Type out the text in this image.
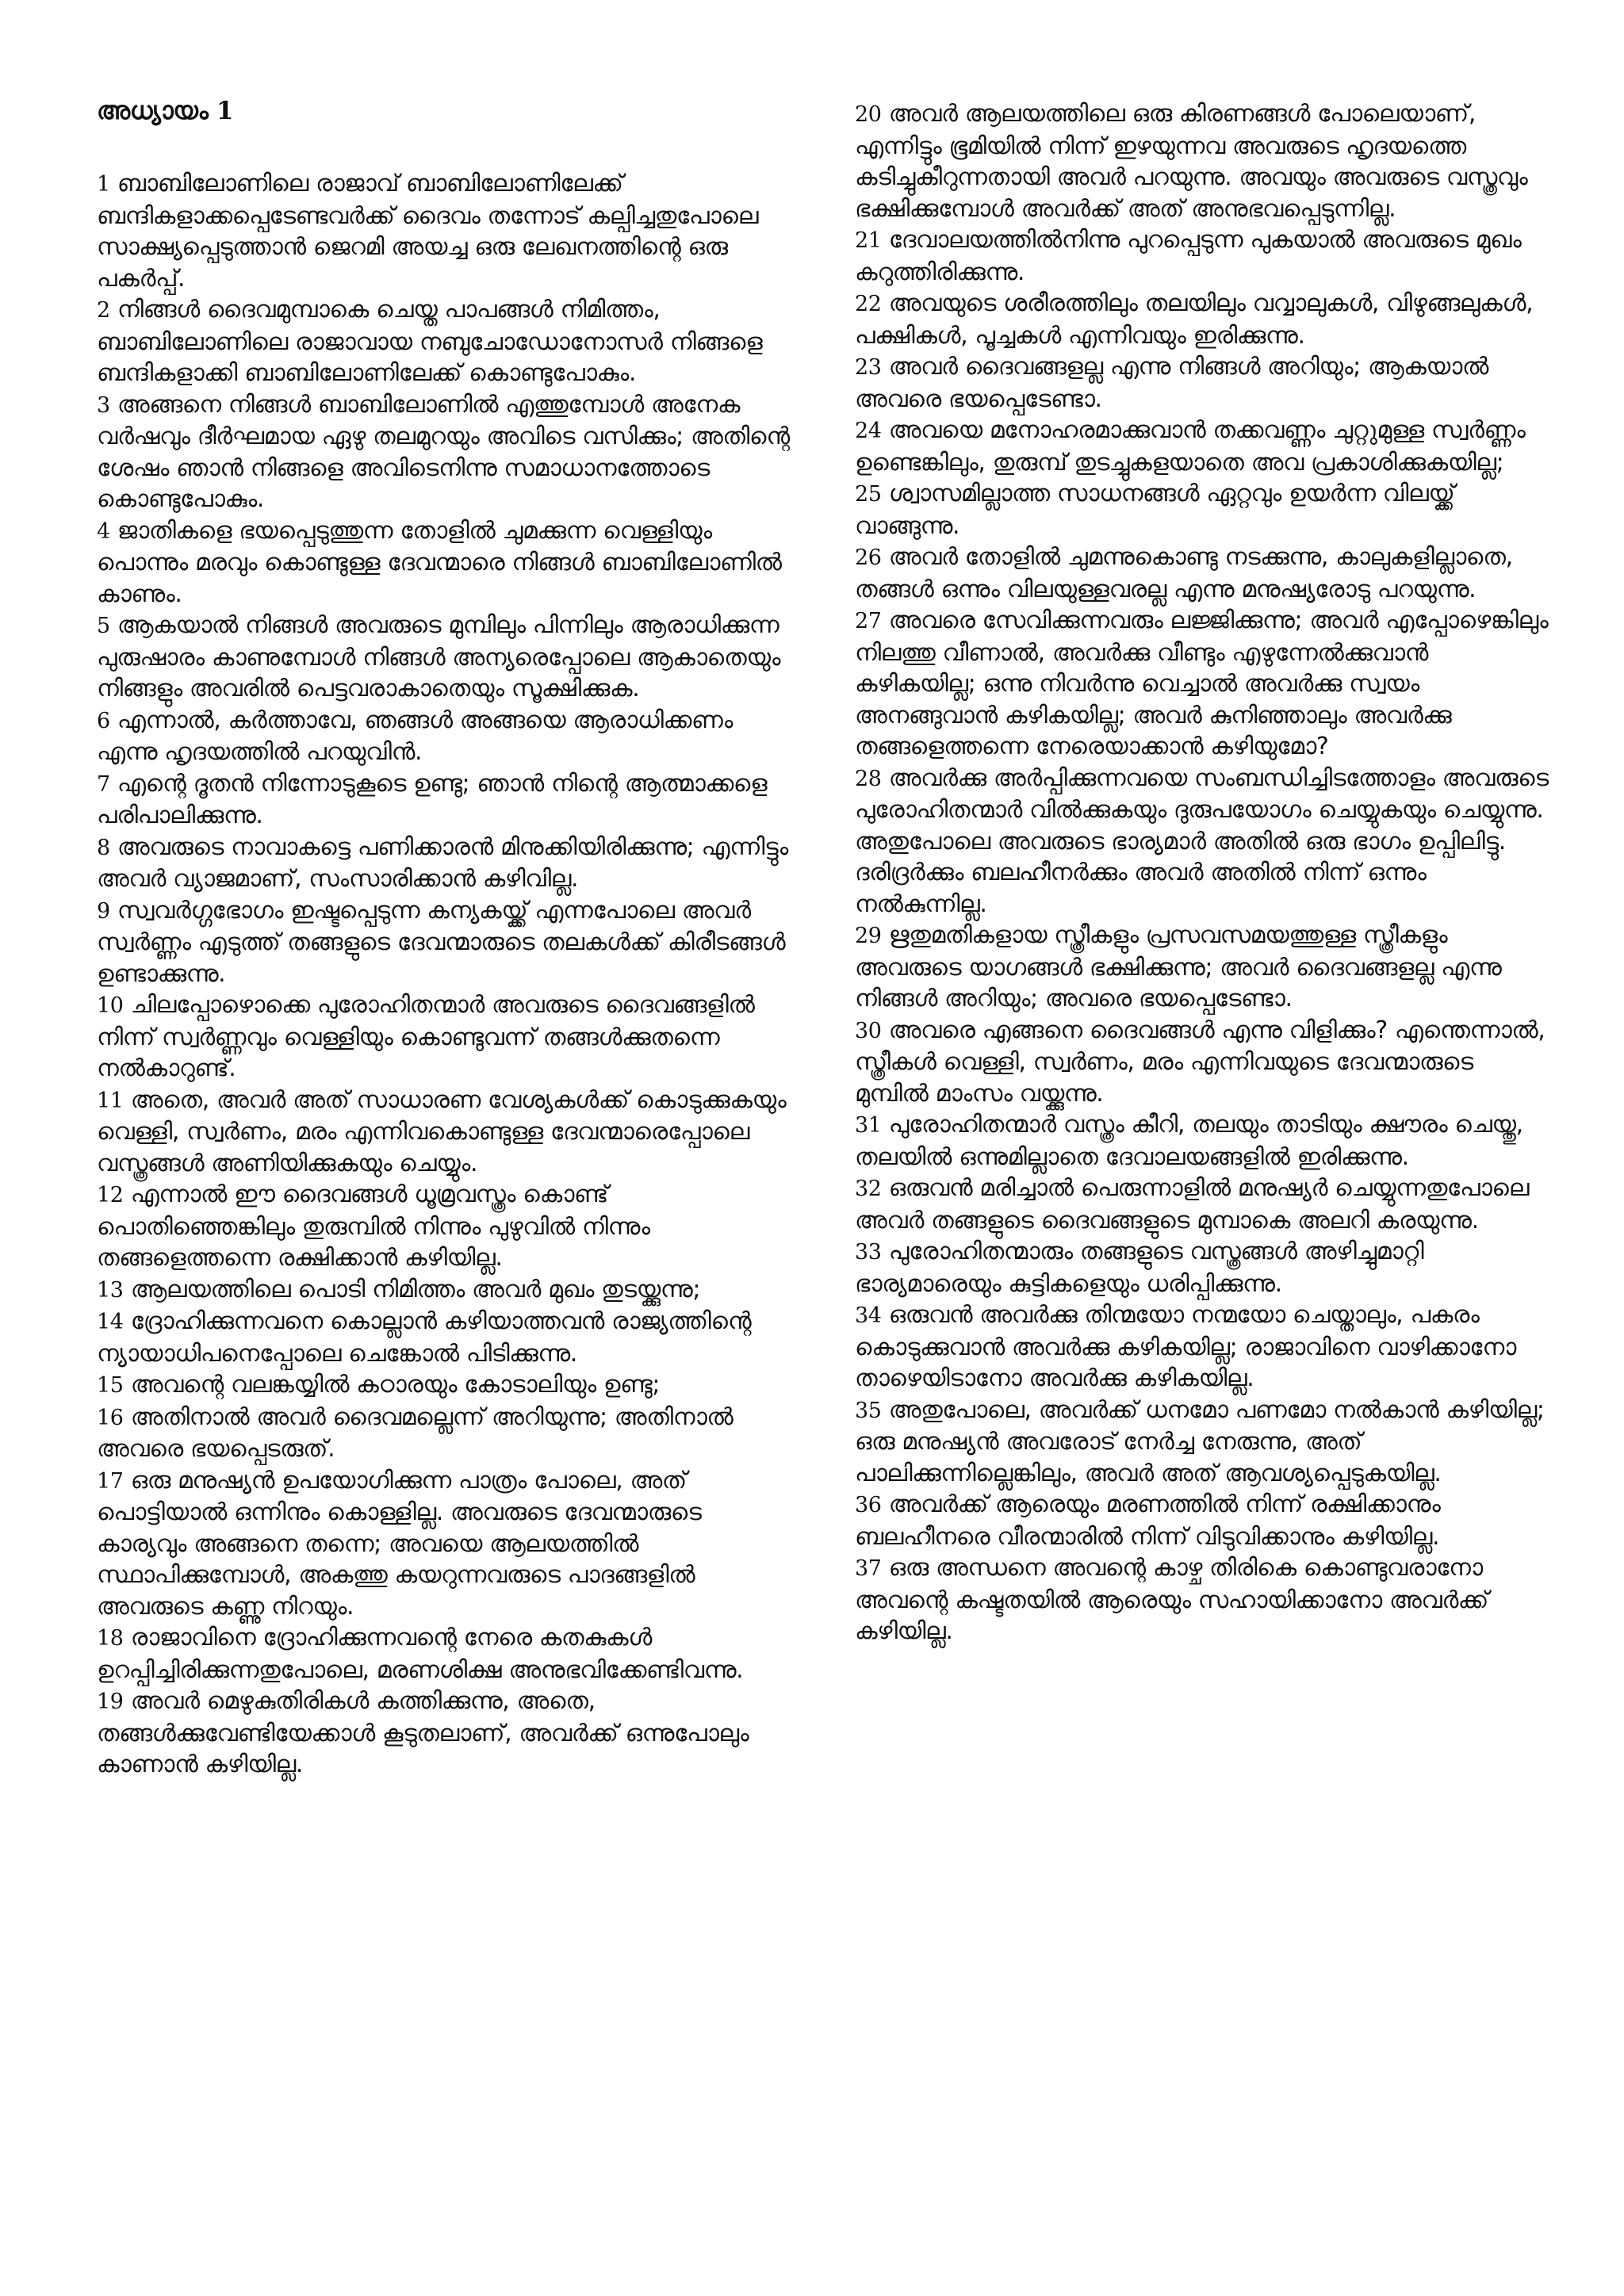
അധ്യായം 1

1 ബാബിലോണിലെ രാജാവ് ബാബിലോണിലേക്ക് ബന്ദികളാക്കപ്പെടേണ്ടവർക്ക് ദൈവം തന്നോട് കല്പിച്ചതുപോലെ സാക്ഷ്യപ്പെടുത്താൻ ജെറമി അയച്ച ഒരു ലേഖനത്തിന്റെ ഒരു പകർപ്പ്.

2 നിങ്ങൾ ദൈവമുമ്പാകെ ചെയ്ത പാപങ്ങൾ നിമിത്തം, ബാബിലോണിലെ രാജാവായ നബുചോഡോനോസർ നിങ്ങളെ ബന്ദികളാക്കി ബാബിലോണിലേക്ക് കൊണ്ടുപോകും.

3 അങ്ങനെ നിങ്ങൾ ബാബിലോണിൽ എത്തുമ്പോൾ അനേക വർഷവും ദീർഘമായ ഏഴു തലമുറയും അവിടെ വസിക്കും; അതിന്റെ ശേഷം ഞാൻ നിങ്ങളെ അവിടെനിന്നു സമാധാനത്തോടെ കൊണ്ടുപോകും.

4 ജാതികളെ ഭയപ്പെടുത്തുന്ന തോളിൽ ചുമക്കുന്ന വെള്ളിയും പൊന്നും മരവും കൊണ്ടുള്ള ദേവന്മാരെ നിങ്ങൾ ബാബിലോണിൽ കാണും.

5 ആകയാൽ നിങ്ങൾ അവരുടെ മുമ്പിലും പിന്നിലും ആരാധിക്കുന്ന പുരുഷാരം കാണുമ്പോൾ നിങ്ങൾ അന്യരെപ്പോലെ ആകാതെയും നിങ്ങളും അവരിൽ പെട്ടവരാകാതെയും സൂക്ഷിക്കുക.

6 എന്നാൽ, കർത്താവേ, ഞങ്ങൾ അങ്ങയെ ആരാധിക്കണം എന്നു ഹൃദയത്തിൽ പറയുവിൻ.

7 എന്റെ ദൂതൻ നിന്നോടുകൂടെ ഉണ്ടു; ഞാൻ നിന്റെ ആത്മാക്കളെ പരിപാലിക്കുന്നു.

8 അവരുടെ നാവാകട്ടെ പണിക്കാരൻ മിനുക്കിയിരിക്കുന്നു; എന്നിട്ടും അവർ വ്യാജമാണ്, സംസാരിക്കാൻ കഴിവില്ല.

9 സ്വവർഗ്ഗഭോഗം ഇഷ്ടപ്പെടുന്ന കന്യകയ്ക്ക് എന്നപോലെ അവർ സ്വർണ്ണം എടുത്ത് തങ്ങളുടെ ദേവന്മാരുടെ തലകൾക്ക് കിരീടങ്ങൾ ഉണ്ടാക്കുന്നു.

10 ചിലപ്പോഴൊക്കെ പുരോഹിതന്മാർ അവരുടെ ദൈവങ്ങളിൽ നിന്ന് സ്വർണ്ണവും വെള്ളിയും കൊണ്ടുവന്ന് തങ്ങൾക്കുതന്നെ നൽകാറുണ്ട്.

11 അതെ, അവർ അത് സാധാരണ വേശ്യകൾക്ക് കൊടുക്കുകയും വെള്ളി, സ്വർണം, മരം എന്നിവകൊണ്ടുള്ള ദേവന്മാരെപ്പോലെ വസ്ത്രങ്ങൾ അണിയിക്കുകയും ചെയ്യും.

12 എന്നാൽ ഈ ദൈവങ്ങൾ ധൂമ്രവസ്ത്രം കൊണ്ട് പൊതിഞ്ഞെങ്കിലും തുരുമ്പിൽ നിന്നും പുഴുവിൽ നിന്നും തങ്ങളെത്തന്നെ രക്ഷിക്കാൻ കഴിയില്ല.

13 ആലയത്തിലെ പൊടി നിമിത്തം അവർ മുഖം തുടയ്ക്കുന്നു;

14 ദ്രോഹിക്കുന്നവനെ കൊല്ലാൻ കഴിയാത്തവൻ രാജ്യത്തിന്റെ ന്യായാധിപനെപ്പോലെ ചെങ്കോൽ പിടിക്കുന്നു.

15 അവന്റെ വലങ്കയ്യിൽ കഠാരയും കോടാലിയും ഉണ്ടു;

16 അതിനാൽ അവർ ദൈവമല്ലെന്ന് അറിയുന്നു; അതിനാൽ അവരെ ഭയപ്പെടരുത്.

17 ഒരു മനുഷ്യൻ ഉപയോഗിക്കുന്ന പാത്രം പോലെ, അത് പൊട്ടിയാൽ ഒന്നിനും കൊള്ളില്ല. അവരുടെ ദേവന്മാരുടെ കാര്യവും അങ്ങനെ തന്നെ; അവയെ ആലയത്തിൽ സ്ഥാപിക്കുമ്പോൾ, അകത്തു കയറുന്നവരുടെ പാദങ്ങളിൽ അവരുടെ കണ്ണു നിറയും.

18 രാജാവിനെ ദ്രോഹിക്കുന്നവന്റെ നേരെ കതകുകൾ ഉറപ്പിച്ചിരിക്കുന്നതുപോലെ, മരണശിക്ഷ അനുഭവിക്കേണ്ടിവന്നു.

19 അവർ മെഴുകുതിരികൾ കത്തിക്കുന്നു, അതെ, തങ്ങൾക്കുവേണ്ടിയേക്കാൾ കൂടുതലാണ്, അവർക്ക് ഒന്നുപോലും കാണാൻ കഴിയില്ല.

20 അവർ ആലയത്തിലെ ഒരു കിരണങ്ങൾ പോലെയാണ്, എന്നിട്ടും ഭൂമിയിൽ നിന്ന് ഇഴയുന്നവ അവരുടെ ഹൃദയത്തെ കടിച്ചുകീറുന്നതായി അവർ പറയുന്നു. അവയും അവരുടെ വസ്ത്രവും ഭക്ഷിക്കുമ്പോൾ അവർക്ക് അത് അനുഭവപ്പെടുന്നില്ല.

21 ദേവാലയത്തിൽനിന്നു പുറപ്പെടുന്ന പുകയാൽ അവരുടെ മുഖം കറുത്തിരിക്കുന്നു.

22 അവയുടെ ശരീരത്തിലും തലയിലും വവ്വാലുകൾ, വിഴുങ്ങലുകൾ, പക്ഷികൾ, പൂച്ചകൾ എന്നിവയും ഇരിക്കുന്നു.

23 അവർ ദൈവങ്ങളല്ല എന്നു നിങ്ങൾ അറിയും; ആകയാൽ അവരെ ഭയപ്പെടേണ്ടാ.

24 അവയെ മനോഹരമാക്കുവാൻ തക്കവണ്ണം ചുറ്റുമുള്ള സ്വർണ്ണം ഉണ്ടെങ്കിലും, തുരുമ്പ് തുടച്ചുകളയാതെ അവ പ്രകാശിക്കുകയില്ല;

25 ശ്വാസമില്ലാത്ത സാധനങ്ങൾ ഏറ്റവും ഉയർന്ന വിലയ്ക്ക് വാങ്ങുന്നു.

26 അവർ തോളിൽ ചുമന്നുകൊണ്ടു നടക്കുന്നു, കാലുകളില്ലാതെ, തങ്ങൾ ഒന്നും വിലയുള്ളവരല്ല എന്നു മനുഷ്യരോടു പറയുന്നു.

27 അവരെ സേവിക്കുന്നവരും ലജ്ജിക്കുന്നു; അവർ എപ്പോഴെങ്കിലും നിലത്തു വീണാൽ, അവർക്കു വീണ്ടും എഴുന്നേൽക്കുവാൻ കഴികയില്ല; ഒന്നു നിവർന്നു വെച്ചാൽ അവർക്കു സ്വയം അനങ്ങുവാൻ കഴികയില്ല; അവർ കുനിഞ്ഞാലും അവർക്കു തങ്ങളെത്തന്നെ നേരെയാക്കാൻ കഴിയുമോ?

28 അവർക്കു അർപ്പിക്കുന്നവയെ സംബന്ധിച്ചിടത്തോളം അവരുടെ പുരോഹിതന്മാർ വിൽക്കുകയും ദുരുപയോഗം ചെയ്യുകയും ചെയ്യുന്നു. അതുപോലെ അവരുടെ ഭാര്യമാർ അതിൽ ഒരു ഭാഗം ഉപ്പിലിട്ടു. ദരിദ്രർക്കും ബലഹീനർക്കും അവർ അതിൽ നിന്ന് ഒന്നും നൽകുന്നില്ല.

29 ഋതുമതികളായ സ്ത്രീകളും പ്രസവസമയത്തുള്ള സ്ത്രീകളും അവരുടെ യാഗങ്ങൾ ഭക്ഷിക്കുന്നു; അവർ ദൈവങ്ങളല്ല എന്നു നിങ്ങൾ അറിയും; അവരെ ഭയപ്പെടേണ്ടാ.

30 അവരെ എങ്ങനെ ദൈവങ്ങൾ എന്നു വിളിക്കും? എന്തെന്നാൽ, സ്ത്രീകൾ വെള്ളി, സ്വർണം, മരം എന്നിവയുടെ ദേവന്മാരുടെ മുമ്പിൽ മാംസം വയ്ക്കുന്നു.

31 പുരോഹിതന്മാർ വസ്ത്രം കീറി, തലയും താടിയും ക്ഷൗരം ചെയ്തു, തലയിൽ ഒന്നുമില്ലാതെ ദേവാലയങ്ങളിൽ ഇരിക്കുന്നു.

32 ഒരുവൻ മരിച്ചാൽ പെരുന്നാളിൽ മനുഷ്യർ ചെയ്യുന്നതുപോലെ അവർ തങ്ങളുടെ ദൈവങ്ങളുടെ മുമ്പാകെ അലറി കരയുന്നു.

33 പുരോഹിതന്മാരും തങ്ങളുടെ വസ്ത്രങ്ങൾ അഴിച്ചുമാറ്റി ഭാര്യമാരെയും കുട്ടികളെയും ധരിപ്പിക്കുന്നു.

34 ഒരുവൻ അവർക്കു തിന്മയോ നന്മയോ ചെയ്താലും, പകരം കൊടുക്കുവാൻ അവർക്കു കഴികയില്ല; രാജാവിനെ വാഴിക്കാനോ താഴെയിടാനോ അവർക്കു കഴികയില്ല.

35 അതുപോലെ, അവർക്ക് ധനമോ പണമോ നൽകാൻ കഴിയില്ല; ഒരു മനുഷ്യൻ അവരോട് നേർച്ച നേരുന്നു, അത് പാലിക്കുന്നില്ലെങ്കിലും, അവർ അത് ആവശ്യപ്പെടുകയില്ല.

36 അവർക്ക് ആരെയും മരണത്തിൽ നിന്ന് രക്ഷിക്കാനും ബലഹീനരെ വീരന്മാരിൽ നിന്ന് വിടുവിക്കാനും കഴിയില്ല.

37 ഒരു അന്ധനെ അവന്റെ കാഴ്ച തിരികെ കൊണ്ടുവരാനോ അവന്റെ കഷ്ടതയിൽ ആരെയും സഹായിക്കാനോ അവർക്ക് കഴിയില്ല.
